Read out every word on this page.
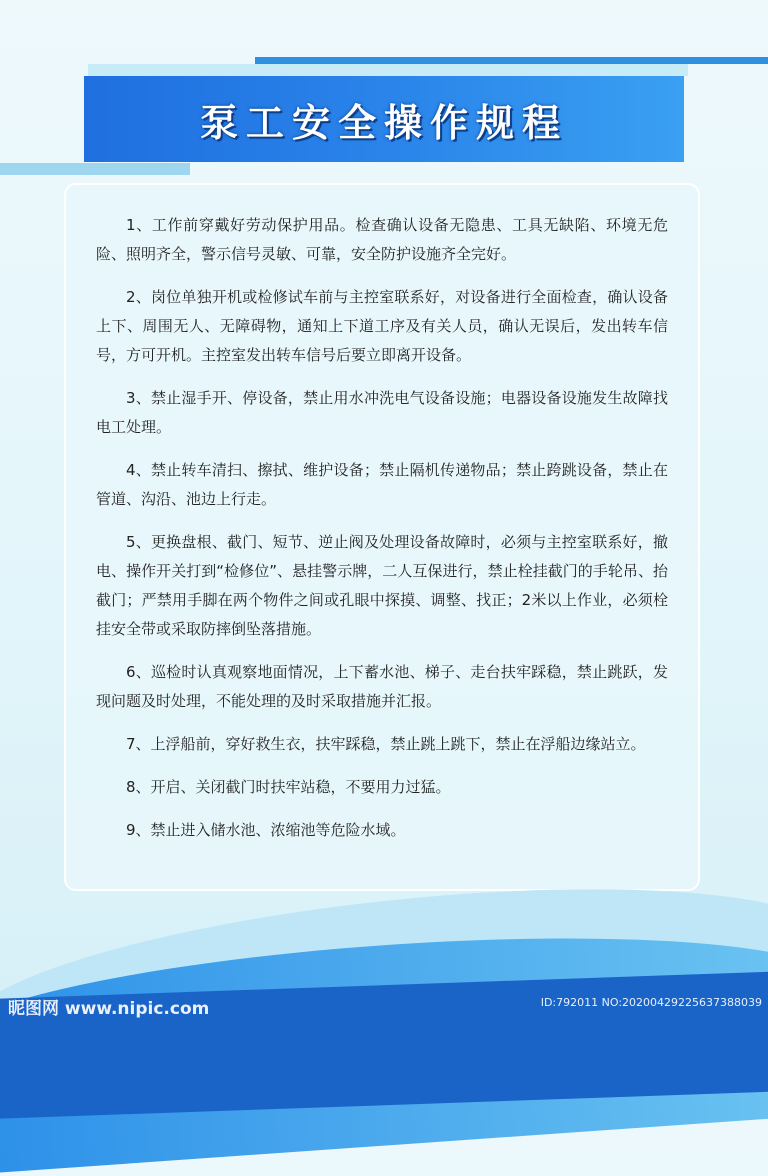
泵工安全操作规程

1、工作前穿戴好劳动保护用品。检查确认设备无隐患、工具无缺陷、环境无危险、照明齐全，警示信号灵敏、可靠，安全防护设施齐全完好。

2、岗位单独开机或检修试车前与主控室联系好，对设备进行全面检查，确认设备上下、周围无人、无障碍物，通知上下道工序及有关人员，确认无误后，发出转车信号，方可开机。主控室发出转车信号后要立即离开设备。

3、禁止湿手开、停设备，禁止用水冲洗电气设备设施；电器设备设施发生故障找电工处理。

4、禁止转车清扫、擦拭、维护设备；禁止隔机传递物品；禁止跨跳设备，禁止在管道、沟沿、池边上行走。

5、更换盘根、截门、短节、逆止阀及处理设备故障时，必须与主控室联系好，撤电、操作开关打到“检修位”、悬挂警示牌，二人互保进行，禁止栓挂截门的手轮吊、抬截门；严禁用手脚在两个物件之间或孔眼中探摸、调整、找正；2米以上作业，必须栓挂安全带或采取防摔倒坠落措施。

6、巡检时认真观察地面情况，上下蓄水池、梯子、走台扶牢踩稳，禁止跳跃，发现问题及时处理，不能处理的及时采取措施并汇报。

7、上浮船前，穿好救生衣，扶牢踩稳，禁止跳上跳下，禁止在浮船边缘站立。

8、开启、关闭截门时扶牢站稳，不要用力过猛。

9、禁止进入储水池、浓缩池等危险水域。

昵图网 www.nipic.com	ID:792011 NO:20200429225637388039
